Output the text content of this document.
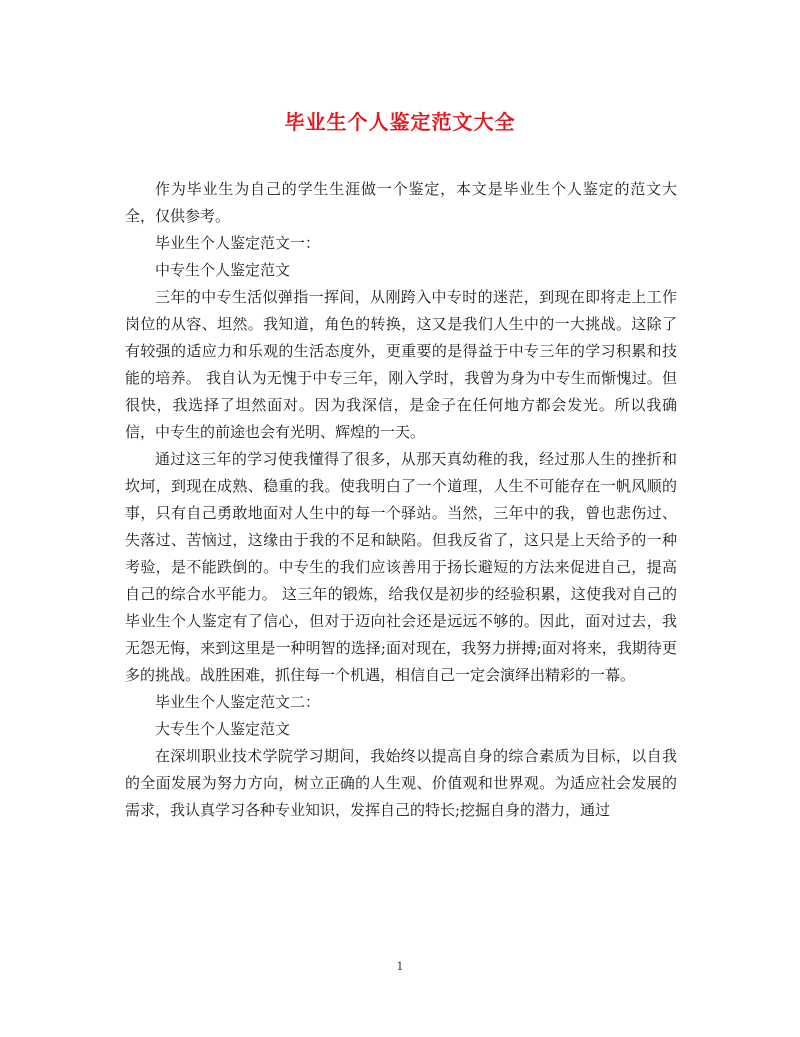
毕业生个人鉴定范文大全

作为毕业生为自己的学生生涯做一个鉴定，本文是毕业生个人鉴定的范文大全，仅供参考。

毕业生个人鉴定范文一：

中专生个人鉴定范文

三年的中专生活似弹指一挥间，从刚跨入中专时的迷茫，到现在即将走上工作岗位的从容、坦然。我知道，角色的转换，这又是我们人生中的一大挑战。这除了有较强的适应力和乐观的生活态度外，更重要的是得益于中专三年的学习积累和技能的培养。 我自认为无愧于中专三年，刚入学时，我曾为身为中专生而惭愧过。但很快，我选择了坦然面对。因为我深信，是金子在任何地方都会发光。所以我确信，中专生的前途也会有光明、辉煌的一天。

通过这三年的学习使我懂得了很多，从那天真幼稚的我，经过那人生的挫折和坎坷，到现在成熟、稳重的我。使我明白了一个道理，人生不可能存在一帆风顺的事，只有自己勇敢地面对人生中的每一个驿站。当然，三年中的我，曾也悲伤过、失落过、苦恼过，这缘由于我的不足和缺陷。但我反省了，这只是上天给予的一种考验，是不能跌倒的。中专生的我们应该善用于扬长避短的方法来促进自己，提高自己的综合水平能力。 这三年的锻炼，给我仅是初步的经验积累，这使我对自己的毕业生个人鉴定有了信心，但对于迈向社会还是远远不够的。因此，面对过去，我无怨无悔，来到这里是一种明智的选择;面对现在，我努力拼搏;面对将来，我期待更多的挑战。战胜困难，抓住每一个机遇，相信自己一定会演绎出精彩的一幕。

毕业生个人鉴定范文二：

大专生个人鉴定范文

在深圳职业技术学院学习期间，我始终以提高自身的综合素质为目标，以自我的全面发展为努力方向，树立正确的人生观、价值观和世界观。为适应社会发展的需求，我认真学习各种专业知识，发挥自己的特长;挖掘自身的潜力，通过

1
